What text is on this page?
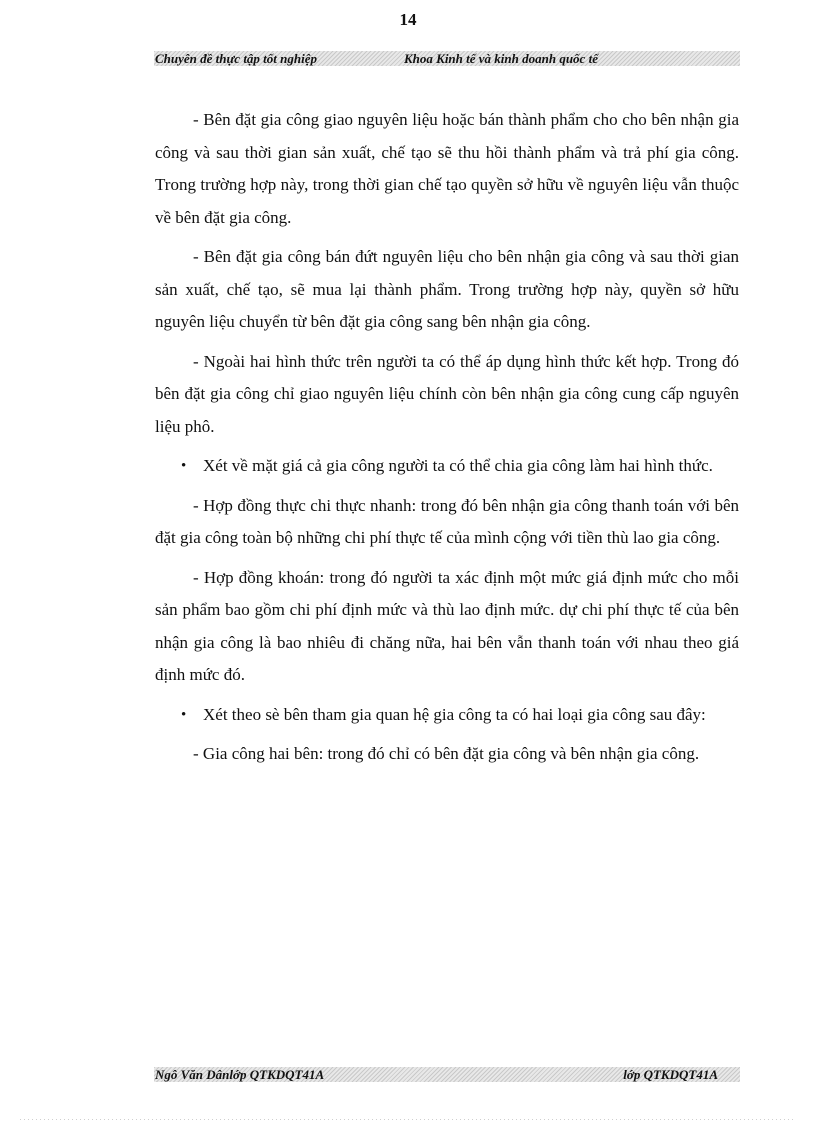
14
Chuyên đề thực tập tốt nghiệp	Khoa Kinh tế và kinh doanh quốc tế

- Bên đặt gia công giao nguyên liệu hoặc bán thành phẩm cho cho bên nhận gia công và sau thời gian sản xuất, chế tạo sẽ thu hồi thành phẩm và trả phí gia công. Trong trường hợp này, trong thời gian chế tạo quyền sở hữu về nguyên liệu vẫn thuộc về bên đặt gia công.

- Bên đặt gia công bán đứt nguyên liệu cho bên nhận gia công và sau thời gian sản xuất, chế tạo, sẽ mua lại thành phẩm. Trong trường hợp này, quyền sở hữu nguyên liệu chuyển từ bên đặt gia công sang bên nhận gia công.

- Ngoài hai hình thức trên người ta có thể áp dụng hình thức kết hợp. Trong đó bên đặt gia công chỉ giao nguyên liệu chính còn bên nhận gia công cung cấp nguyên liệu phô.

• Xét về mặt giá cả gia công người ta có thể chia gia công làm hai hình thức.

- Hợp đồng thực chi thực nhanh: trong đó bên nhận gia công thanh toán với bên đặt gia công toàn bộ những chi phí thực tế của mình cộng với tiền thù lao gia công.

- Hợp đồng khoán: trong đó người ta xác định một mức giá định mức cho mỗi sản phẩm bao gồm chi phí định mức và thù lao định mức. dự chi phí thực tế của bên nhận gia công là bao nhiêu đi chăng nữa, hai bên vẫn thanh toán với nhau theo giá định mức đó.

• Xét theo sè bên tham gia quan hệ gia công ta có hai loại gia công sau đây:

- Gia công hai bên: trong đó chỉ có bên đặt gia công và bên nhận gia công.

Ngô Văn Dânlớp QTKDQT41A	lớp QTKDQT41A
